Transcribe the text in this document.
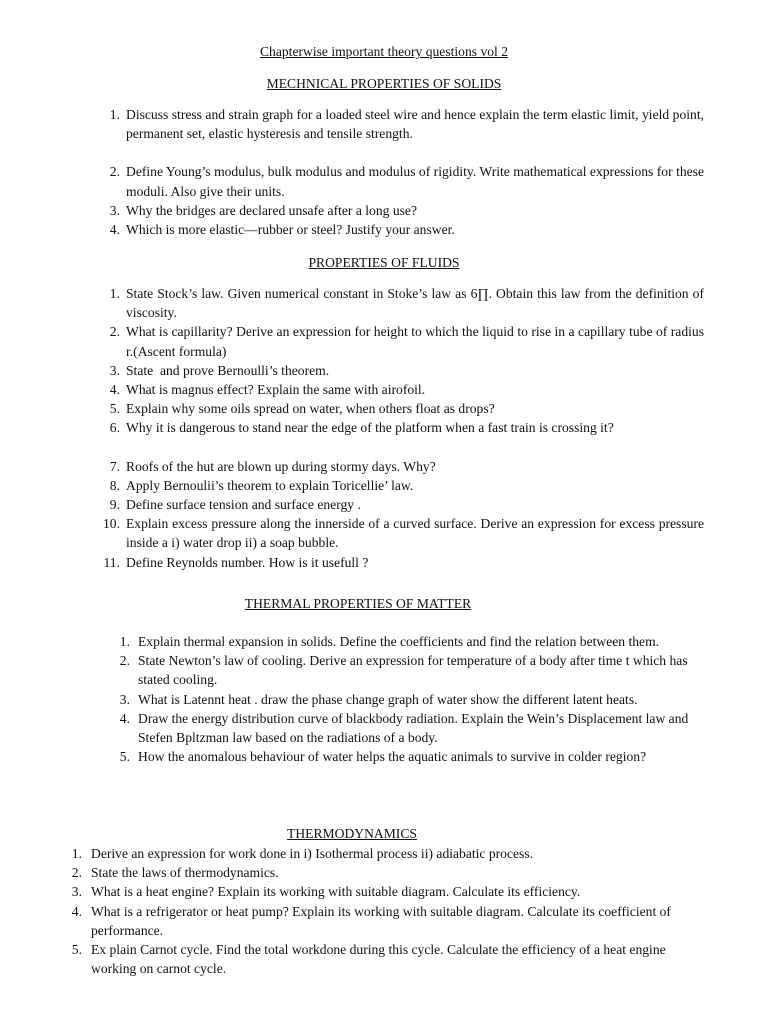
Chapterwise important theory questions vol 2
MECHNICAL PROPERTIES OF SOLIDS
1. Discuss stress and strain graph for a loaded steel wire and hence explain the term elastic limit, yield point, permanent set, elastic hysteresis and tensile strength.
2. Define Young’s modulus, bulk modulus and modulus of rigidity. Write mathematical expressions for these moduli. Also give their units.
3. Why the bridges are declared unsafe after a long use?
4. Which is more elastic—rubber or steel? Justify your answer.
PROPERTIES OF FLUIDS
1. State Stock’s law. Given numerical constant in Stoke’s law as 6∏. Obtain this law from the definition of viscosity.
2. What is capillarity? Derive an expression for height to which the liquid to rise in a capillary tube of radius r.(Ascent formula)
3. State  and prove Bernoulli’s theorem.
4. What is magnus effect? Explain the same with airofoil.
5. Explain why some oils spread on water, when others float as drops?
6. Why it is dangerous to stand near the edge of the platform when a fast train is crossing it?
7. Roofs of the hut are blown up during stormy days. Why?
8. Apply Bernoulii’s theorem to explain Toricellie’ law.
9. Define surface tension and surface energy .
10. Explain excess pressure along the innerside of a curved surface. Derive an expression for excess pressure inside a i) water drop ii) a soap bubble.
11. Define Reynolds number. How is it usefull ?
THERMAL PROPERTIES OF MATTER
1. Explain thermal expansion in solids. Define the coefficients and find the relation between them.
2. State Newton’s law of cooling. Derive an expression for temperature of a body after time t which has stated cooling.
3. What is Latennt heat . draw the phase change graph of water show the different latent heats.
4. Draw the energy distribution curve of blackbody radiation. Explain the Wein’s Displacement law and Stefen Bpltzman law based on the radiations of a body.
5. How the anomalous behaviour of water helps the aquatic animals to survive in colder region?
THERMODYNAMICS
1. Derive an expression for work done in i) Isothermal process ii) adiabatic process.
2. State the laws of thermodynamics.
3. What is a heat engine? Explain its working with suitable diagram. Calculate its efficiency.
4. What is a refrigerator or heat pump? Explain its working with suitable diagram. Calculate its coefficient of performance.
5. Ex plain Carnot cycle. Find the total workdone during this cycle. Calculate the efficiency of a heat engine working on carnot cycle.
